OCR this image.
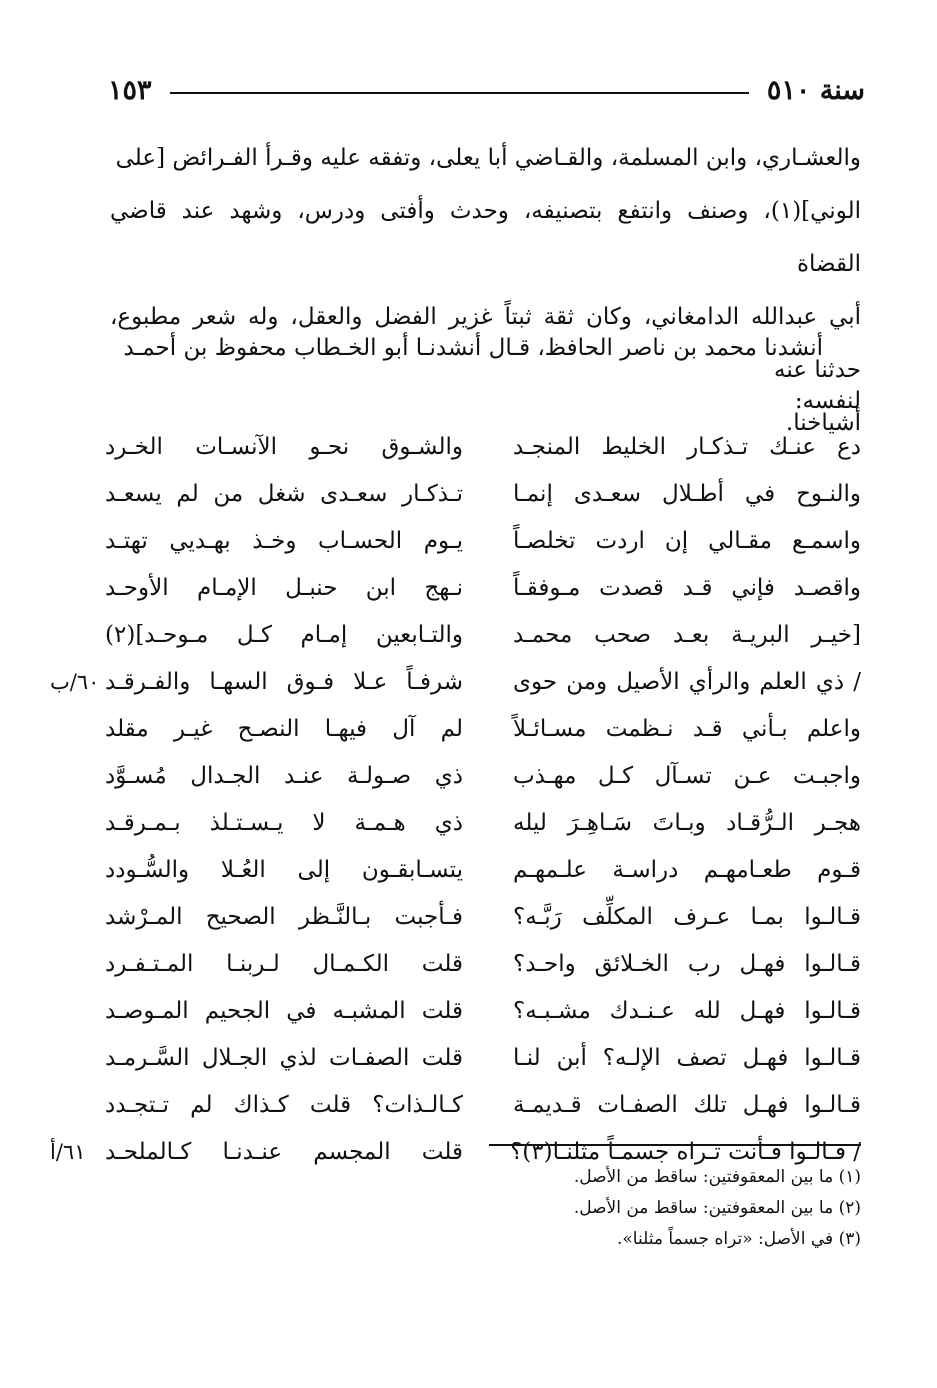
سنة ٥١٠
١٥٣
والعشـاري، وابن المسلمة، والقـاضي أبا يعلى، وتفقه عليه وقـرأ الفـرائض [على
الوني](١)، وصنف وانتفع بتصنيفه، وحدث وأفتى ودرس، وشهد عند قاضي القضاة
أبي عبدالله الدامغاني، وكان ثقة ثبتاً غزير الفضل والعقل، وله شعر مطبوع، حدثنا عنه
أشياخنا.
أنشدنا محمد بن ناصر الحافظ، قـال أنشدنـا أبو الخـطاب محفوظ بن أحمـد
لنفسه:
دع عنـك تـذكـار الخليط المنجـد
والشـوق نحـو الآنسـات الخـرد
والنـوح في أطـلال سعـدى إنمـا
تـذكـار سعـدى شغل من لم يسعـد
واسمـع مقـالي إن اردت تخلصـاً
يـوم الحسـاب وخـذ بهـديي تهتـد
واقصـد فإني قـد قصدت مـوفقـاً
نـهج ابن حنبـل الإمـام الأوحـد
[خيـر البريـة بعـد صحب محمـد
والتـابعين إمـام كـل مـوحـد](٢)
/ ذي العلم والرأي الأصيل ومن حوى
شرفـاً عـلا فـوق السهـا والفـرقـد
٦٠/ب
واعلم بـأني قـد نـظمت مسـائـلاً
لم آل فيهـا النصـح غيـر مقلد
واجبـت عـن تسـآل كـل مهـذب
ذي صـولـة عنـد الجـدال مُسـوَّد
هجـر الـرُّقـاد وبـاتَ سَـاهِـرَ ليله
ذي هـمـة لا يـسـتـلذ بـمـرقـد
قـوم طعـامهـم دراسـة علـمهـم
يتسـابقـون إلى العُـلا والسُّـودد
قـالـوا بمـا عـرف المكلِّف رَبَّـه؟
فـأجبت بـالنَّـظر الصحيح المـرْشد
قـالـوا فهـل رب الخـلائق واحـد؟
قلت الكـمـال لـربنـا المـتـفـرد
قـالـوا فهـل لله عـنـدك مشـبـه؟
قلت المشبـه في الجحيم المـوصـد
قـالـوا فهـل تصف الإلـه؟ أبن لنـا
قلت الصفـات لذي الجـلال السَّـرمـد
قـالـوا فهـل تلك الصفـات قـديمـة
كـالـذات؟ قلت كـذاك لم تـتجـدد
/ قـالـوا فـأنت تـراه جسمـاً مثلنـا(٣)؟
قلت المجسم عنـدنـا كـالملحـد
٦١/أ
(١) ما بين المعقوفتين: ساقط من الأصل.
(٢) ما بين المعقوفتين: ساقط من الأصل.
(٣) في الأصل: «تراه جسماً مثلنا».
